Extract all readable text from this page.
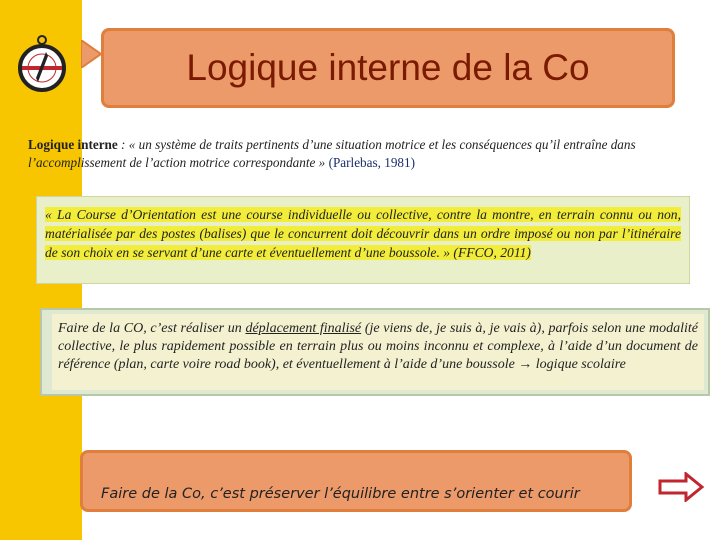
Logique interne de la Co
Logique interne : « un système de traits pertinents d’une situation motrice et les conséquences qu’il entraîne dans l’accomplissement de l’action motrice correspondante » (Parlebas, 1981)
« La Course d’Orientation est une course individuelle ou collective, contre la montre, en terrain connu ou non, matérialisée par des postes (balises) que le concurrent doit découvrir dans un ordre imposé ou non par l’itinéraire de son choix en se servant d’une carte et éventuellement d’une boussole. » (FFCO, 2011)
Faire de la CO, c’est réaliser un déplacement finalisé (je viens de, je suis à, je vais à), parfois selon une modalité collective, le plus rapidement possible en terrain plus ou moins inconnu et complexe, à l’aide d’un document de référence (plan, carte voire road book), et éventuellement à l’aide d’une boussole → logique scolaire
Faire de la Co, c’est préserver l’équilibre entre s’orienter et courir
